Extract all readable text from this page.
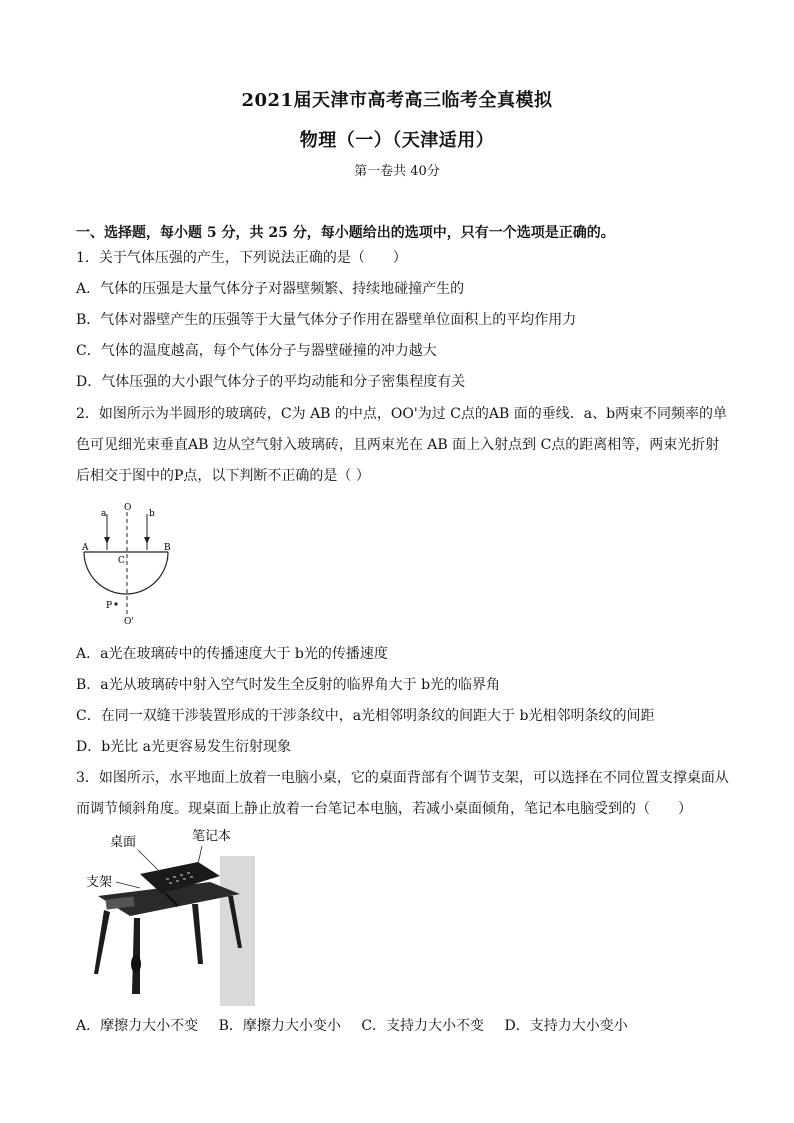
2021届天津市高考高三临考全真模拟
物理（一）（天津适用）
第一卷共 40分
一、选择题，每小题 5 分，共 25 分，每小题给出的选项中，只有一个选项是正确的。
1．关于气体压强的产生，下列说法正确的是（　　）
A．气体的压强是大量气体分子对器壁频繁、持续地碰撞产生的
B．气体对器壁产生的压强等于大量气体分子作用在器壁单位面积上的平均作用力
C．气体的温度越高，每个气体分子与器壁碰撞的冲力越大
D．气体压强的大小跟气体分子的平均动能和分子密集程度有关
2．如图所示为半圆形的玻璃砖，C为 AB 的中点，OO'为过 C点的AB 面的垂线．a、b两束不同频率的单
色可见细光束垂直AB 边从空气射入玻璃砖，且两束光在 AB 面上入射点到 C点的距离相等，两束光折射
后相交于图中的P点，以下判断不正确的是（ ）
a	b
O
O'
A	B
C
P
A．a光在玻璃砖中的传播速度大于 b光的传播速度
B．a光从玻璃砖中射入空气时发生全反射的临界角大于 b光的临界角
C．在同一双缝干涉装置形成的干涉条纹中，a光相邻明条纹的间距大于 b光相邻明条纹的间距
D．b光比 a光更容易发生衍射现象
3．如图所示，水平地面上放着一电脑小桌，它的桌面背部有个调节支架，可以选择在不同位置支撑桌面从
而调节倾斜角度。现桌面上静止放着一台笔记本电脑，若减小桌面倾角，笔记本电脑受到的（　　）
桌面	笔记本
支架
A．摩擦力大小不变 B．摩擦力大小变小 C．支持力大小不变 D．支持力大小变小
